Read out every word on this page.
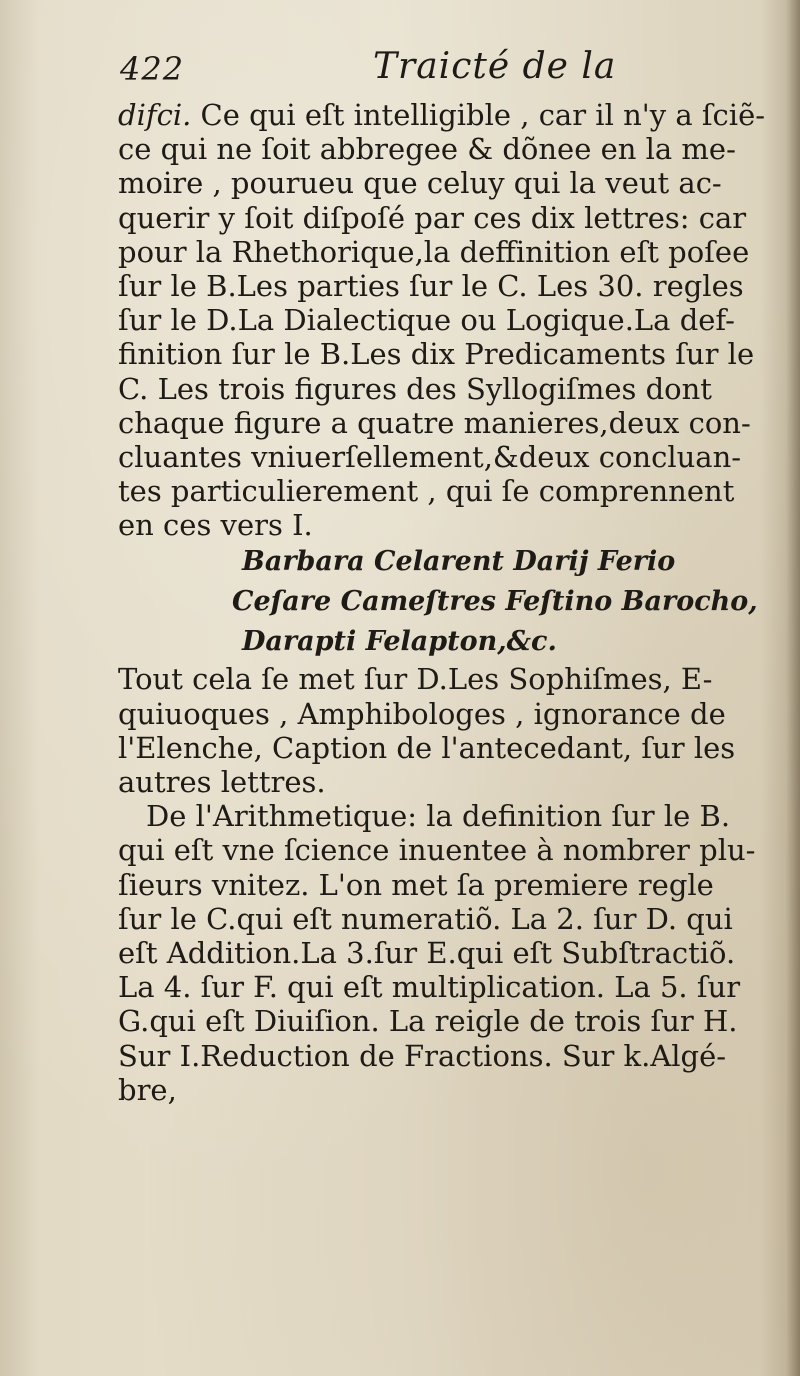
422	Traicté de la
difci. Ce qui eſt intelligible , car il n'y a ſciẽ-
ce qui ne ſoit abbregee & dõnee en la me-
moire , pourueu que celuy qui la veut ac-
querir y ſoit diſpoſé par ces dix lettres: car
pour la Rhethorique,la deffinition eſt poſee
ſur le B.Les parties ſur le C. Les 30. regles
ſur le D.La Dialectique ou Logique.La def-
finition ſur le B.Les dix Predicaments ſur le
C. Les trois figures des Syllogiſmes dont
chaque figure a quatre manieres,deux con-
cluantes vniuerſellement,&deux concluan-
tes particulierement , qui ſe comprennent
en ces vers I.
Barbara Celarent Darij Ferio
Ceſare Cameſtres Feſtino Barocho,
Darapti Felapton,&c.
Tout cela ſe met ſur D.Les Sophiſmes, E-
quiuoques , Amphibologes , ignorance de
l'Elenche, Caption de l'antecedant, ſur les
autres lettres.
De l'Arithmetique: la definition ſur le B.
qui eſt vne ſcience inuentee à nombrer plu-
ſieurs vnitez. L'on met ſa premiere regle
ſur le C.qui eſt numeratiõ. La 2. ſur D. qui
eſt Addition.La 3.ſur E.qui eſt Subſtractiõ.
La 4. ſur F. qui eſt multiplication. La 5. ſur
G.qui eſt Diuiſion. La reigle de trois ſur H.
Sur I.Reduction de Fractions. Sur k.Algé-
bre,
